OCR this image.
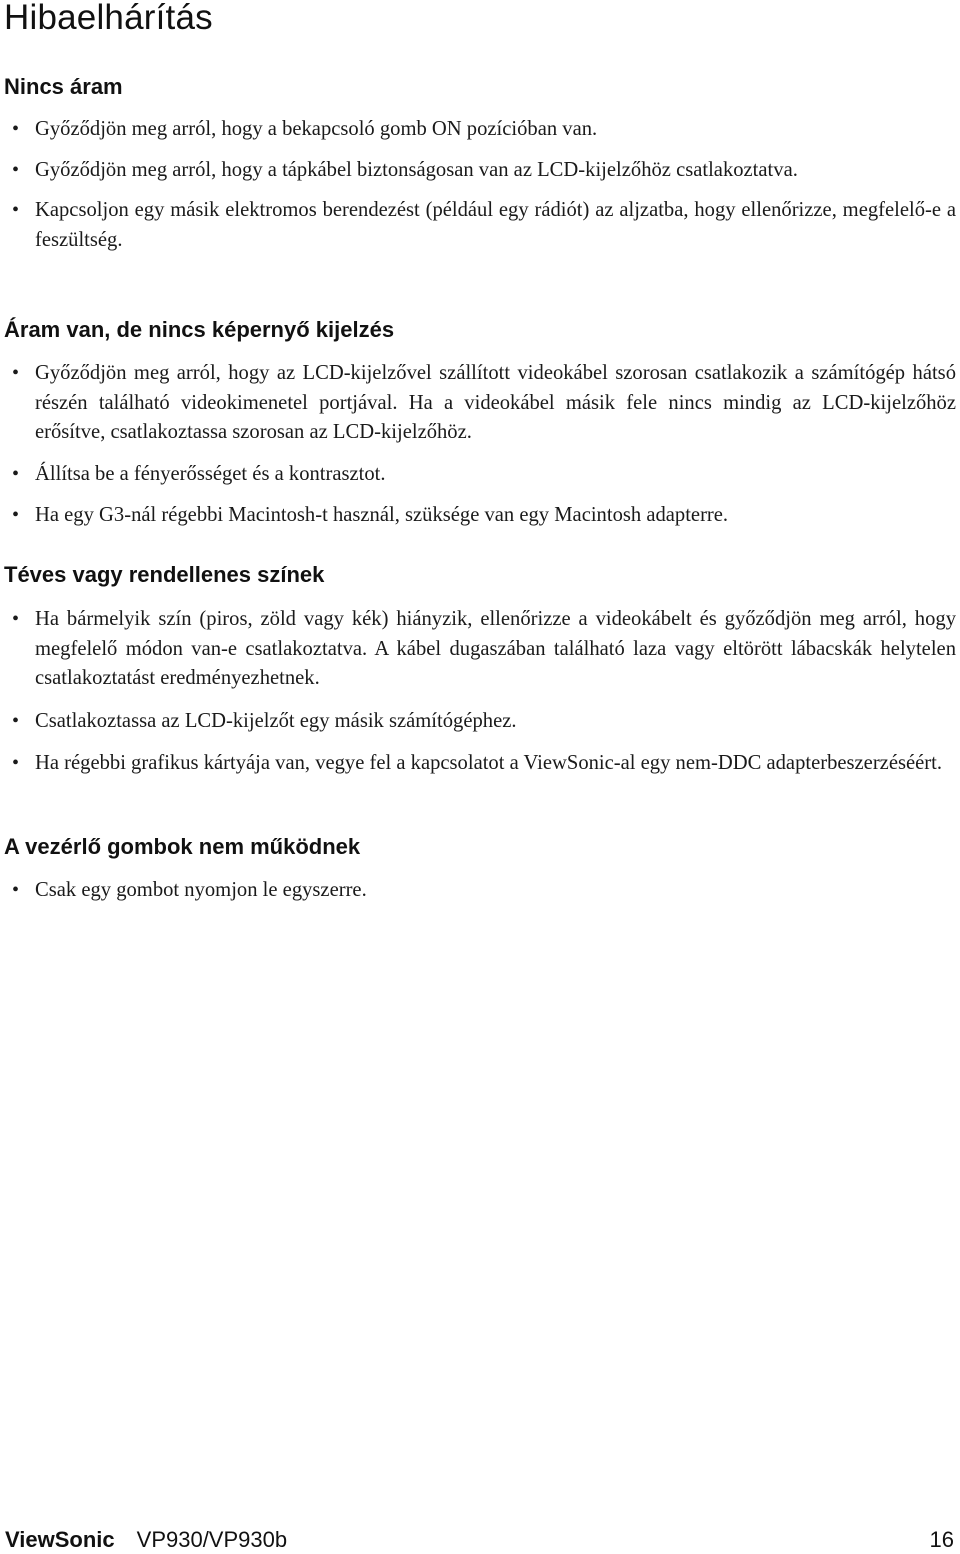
Hibaelhárítás
Nincs áram
• Győződjön meg arról, hogy a bekapcsoló gomb ON pozícióban van.
• Győződjön meg arról, hogy a tápkábel biztonságosan van az LCD-kijelzőhöz csatlakoztatva.
• Kapcsoljon egy másik elektromos berendezést (például egy rádiót) az aljzatba, hogy ellenőrizze, megfelelő-e a feszültség.
Áram van, de nincs képernyő kijelzés
• Győződjön meg arról, hogy az LCD-kijelzővel szállított videokábel szorosan csatlakozik a számítógép hátsó részén található videokimenetel portjával. Ha a videokábel másik fele nincs mindig az LCD-kijelzőhöz erősítve, csatlakoztassa szorosan az LCD-kijelzőhöz.
• Állítsa be a fényerősséget és a kontrasztot.
• Ha egy G3-nál régebbi Macintosh-t használ, szüksége van egy Macintosh adapterre.
Téves vagy rendellenes színek
• Ha bármelyik szín (piros, zöld vagy kék) hiányzik, ellenőrizze a videokábelt és győződjön meg arról, hogy megfelelő módon van-e csatlakoztatva. A kábel dugaszában található laza vagy eltörött lábacskák helytelen csatlakoztatást eredményezhetnek.
• Csatlakoztassa az LCD-kijelzőt egy másik számítógéphez.
• Ha régebbi grafikus kártyája van, vegye fel a kapcsolatot a ViewSonic-al egy nem-DDC adapterbeszerzéséért.
A vezérlő gombok nem működnek
• Csak egy gombot nyomjon le egyszerre.
ViewSonic VP930/VP930b	16
